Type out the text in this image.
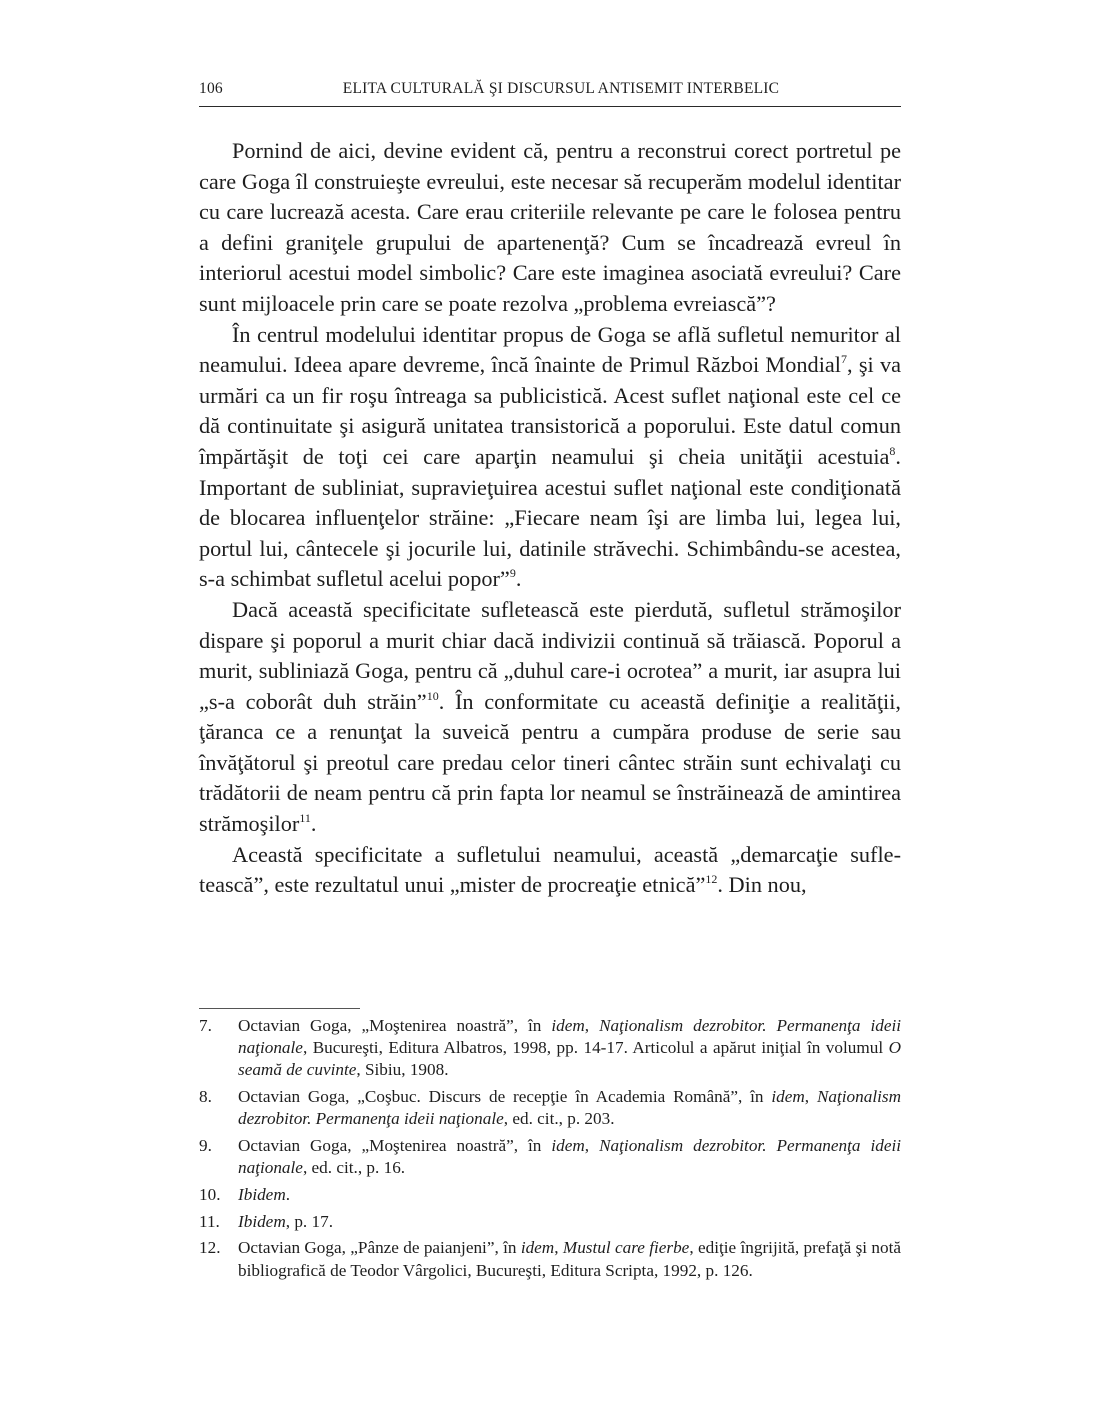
106	ELITA CULTURALĂ ŞI DISCURSUL ANTISEMIT INTERBELIC

Pornind de aici, devine evident că, pentru a reconstrui corect portretul pe care Goga îl construieşte evreului, este necesar să recuperăm modelul identitar cu care lucrează acesta. Care erau criteriile relevante pe care le folosea pentru a defini graniţele grupului de apartenenţă? Cum se încadrează evreul în interiorul acestui model simbolic? Care este imaginea asociată evreului? Care sunt mijloacele prin care se poate rezolva „problema evreiască”?

În centrul modelului identitar propus de Goga se află sufletul nemuritor al neamului. Ideea apare devreme, încă înainte de Primul Război Mondial$^7$, şi va urmări ca un fir roşu întreaga sa publicistică. Acest suflet naţional este cel ce dă continuitate şi asigură unitatea transistorică a poporului. Este datul comun împărtăşit de toţi cei care aparţin neamului şi cheia unităţii acestuia$^8$. Important de subliniat, supravieţuirea acestui suflet naţional este condiţionată de blocarea influenţelor străine: „Fiecare neam îşi are limba lui, legea lui, portul lui, cântecele şi jocurile lui, datinile străvechi. Schimbându-se acestea, s-a schimbat sufletul acelui popor”$^9$.

Dacă această specificitate sufletească este pierdută, sufletul strămoşilor dispare şi poporul a murit chiar dacă indivizii continuă să trăiască. Poporul a murit, subliniază Goga, pentru că „duhul care-i ocrotea” a murit, iar asupra lui „s-a coborât duh străin”$^{10}$. În conformitate cu această definiţie a realităţii, ţăranca ce a renunţat la suveică pentru a cumpăra produse de serie sau învăţătorul şi preotul care predau celor tineri cântec străin sunt echivalaţi cu trădătorii de neam pentru că prin fapta lor neamul se înstrăinează de amintirea strămoşilor$^{11}$.

Această specificitate a sufletului neamului, această „demarcaţie sufletească”, este rezultatul unui „mister de procreaţie etnică”$^{12}$. Din nou,

7.	Octavian Goga, „Moştenirea noastră”, în idem, Naţionalism dezrobitor. Permanenţa ideii naţionale, Bucureşti, Editura Albatros, 1998, pp. 14-17. Articolul a apărut iniţial în volumul O seamă de cuvinte, Sibiu, 1908.
8.	Octavian Goga, „Coşbuc. Discurs de recepţie în Academia Română”, în idem, Naţionalism dezrobitor. Permanenţa ideii naţionale, ed. cit., p. 203.
9.	Octavian Goga, „Moştenirea noastră”, în idem, Naţionalism dezrobitor. Permanenţa ideii naţionale, ed. cit., p. 16.
10.	Ibidem.
11.	Ibidem, p. 17.
12.	Octavian Goga, „Pânze de paianjeni”, în idem, Mustul care fierbe, ediţie îngrijită, prefaţă şi notă bibliografică de Teodor Vârgolici, Bucureşti, Editura Scripta, 1992, p. 126.
